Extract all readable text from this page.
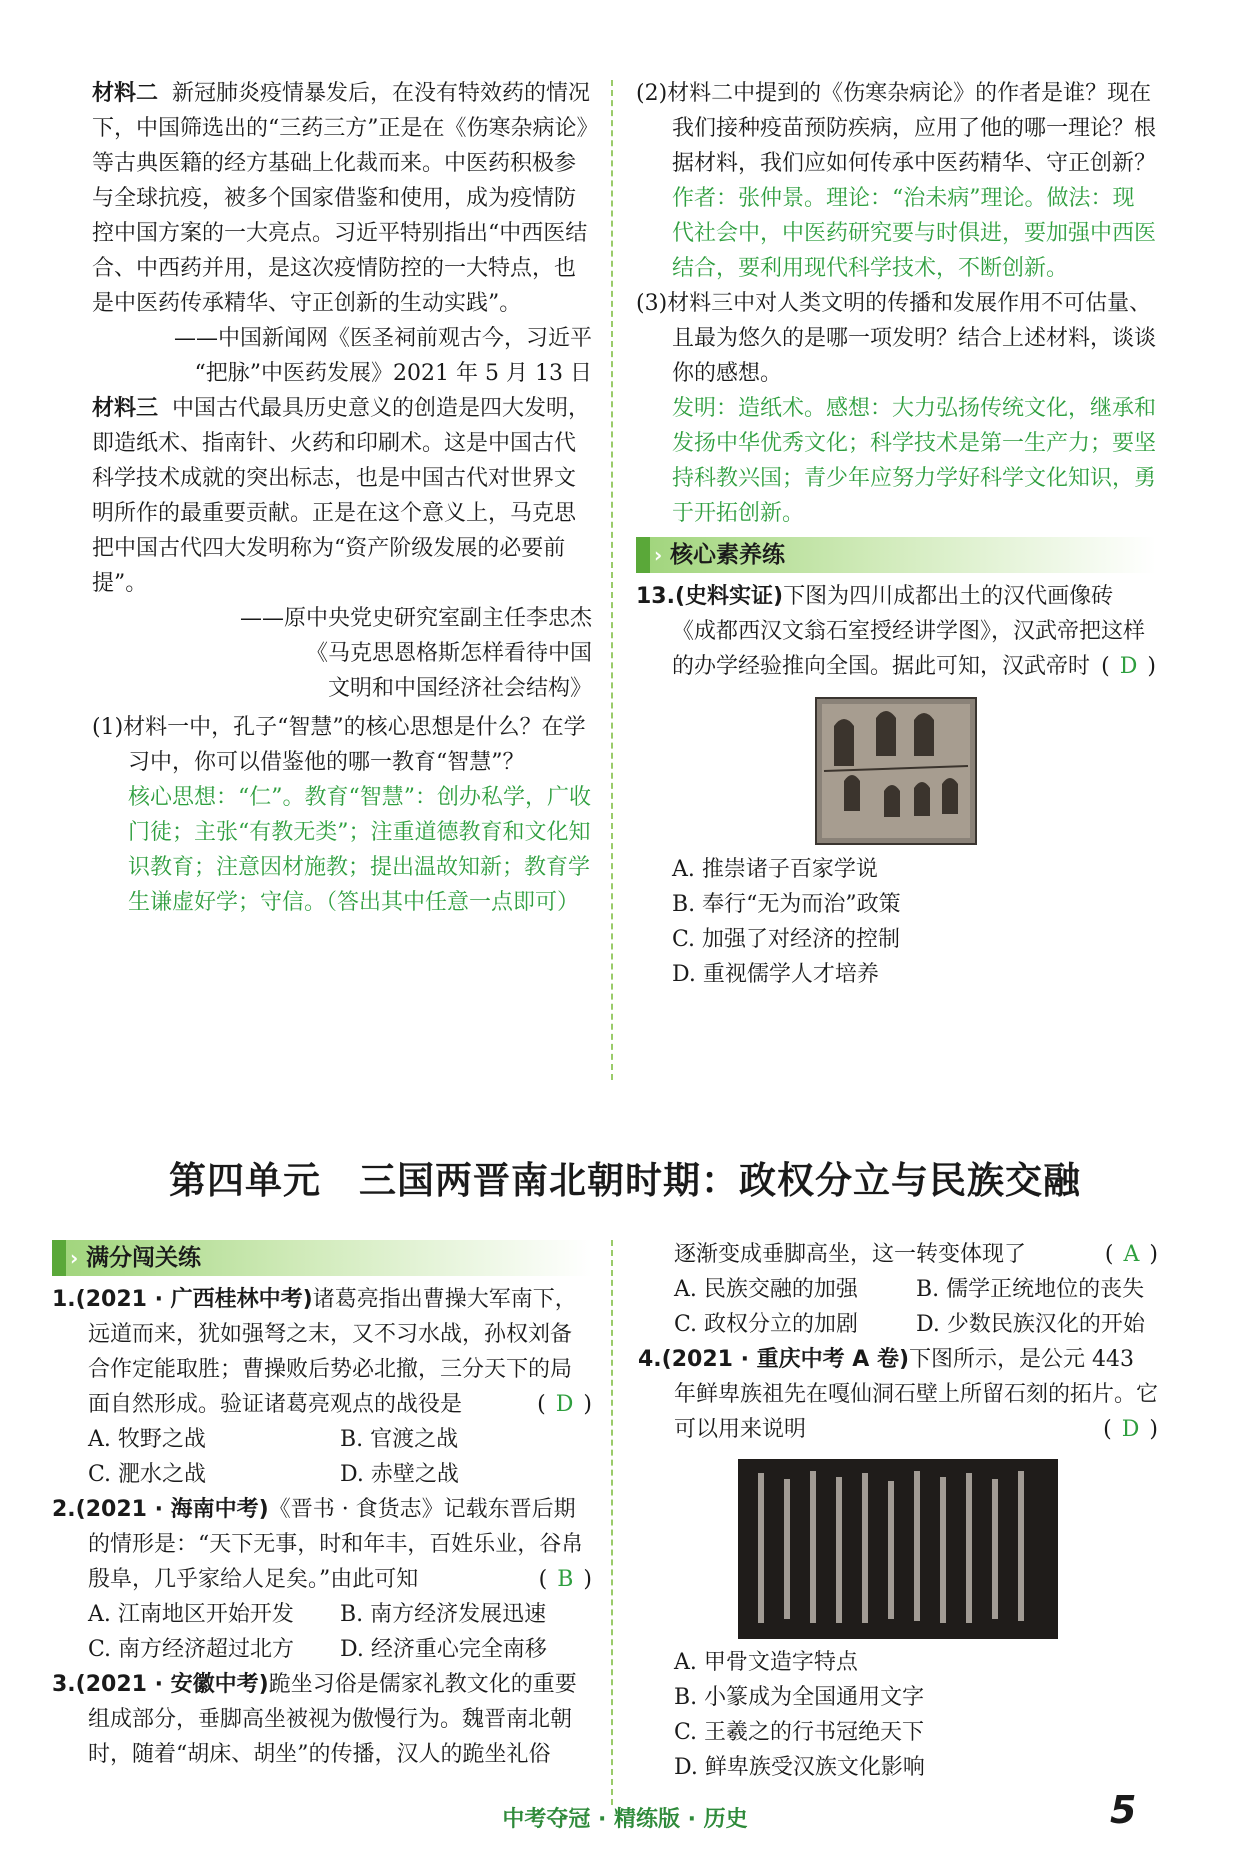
材料二 新冠肺炎疫情暴发后，在没有特效药的情况下，中国筛选出的“三药三方”正是在《伤寒杂病论》等古典医籍的经方基础上化裁而来。中医药积极参与全球抗疫，被多个国家借鉴和使用，成为疫情防控中国方案的一大亮点。习近平特别指出“中西医结合、中西药并用，是这次疫情防控的一大特点，也是中医药传承精华、守正创新的生动实践”。

——中国新闻网《医圣祠前观古今，习近平

“把脉”中医药发展》2021 年 5 月 13 日

材料三 中国古代最具历史意义的创造是四大发明，即造纸术、指南针、火药和印刷术。这是中国古代科学技术成就的突出标志，也是中国古代对世界文明所作的最重要贡献。正是在这个意义上，马克思把中国古代四大发明称为“资产阶级发展的必要前提”。

——原中央党史研究室副主任李忠杰

《马克思恩格斯怎样看待中国

文明和中国经济社会结构》

(1)材料一中，孔子“智慧”的核心思想是什么？在学习中，你可以借鉴他的哪一教育“智慧”？

核心思想：“仁”。教育“智慧”：创办私学，广收门徒；主张“有教无类”；注重道德教育和文化知识教育；注意因材施教；提出温故知新；教育学生谦虚好学；守信。（答出其中任意一点即可）

(2)材料二中提到的《伤寒杂病论》的作者是谁？现在我们接种疫苗预防疾病，应用了他的哪一理论？根据材料，我们应如何传承中医药精华、守正创新？

作者：张仲景。理论：“治未病”理论。做法：现代社会中，中医药研究要与时俱进，要加强中西医结合，要利用现代科学技术，不断创新。

(3)材料三中对人类文明的传播和发展作用不可估量、且最为悠久的是哪一项发明？结合上述材料，谈谈你的感想。

发明：造纸术。感想：大力弘扬传统文化，继承和发扬中华优秀文化；科学技术是第一生产力；要坚持科教兴国；青少年应努力学好科学文化知识，勇于开拓创新。

› 核心素养练

13.(史料实证)下图为四川成都出土的汉代画像砖《成都西汉文翁石室授经讲学图》，汉武帝把这样的办学经验推向全国。据此可知，汉武帝时 ( D )

A. 推崇诸子百家学说

B. 奉行“无为而治”政策

C. 加强了对经济的控制

D. 重视儒学人才培养

第四单元　三国两晋南北朝时期：政权分立与民族交融
› 满分闯关练

1.(2021 · 广西桂林中考)诸葛亮指出曹操大军南下，远道而来，犹如强弩之末，又不习水战，孙权刘备合作定能取胜；曹操败后势必北撤，三分天下的局面自然形成。验证诸葛亮观点的战役是	( D )

A. 牧野之战	B. 官渡之战

C. 淝水之战	D. 赤壁之战

2.(2021 · 海南中考)《晋书 · 食货志》记载东晋后期的情形是：“天下无事，时和年丰，百姓乐业，谷帛殷阜，几乎家给人足矣。”由此可知	( B )

A. 江南地区开始开发	B. 南方经济发展迅速

C. 南方经济超过北方	D. 经济重心完全南移

3.(2021 · 安徽中考)跪坐习俗是儒家礼教文化的重要组成部分，垂脚高坐被视为傲慢行为。魏晋南北朝时，随着“胡床、胡坐”的传播，汉人的跪坐礼俗

逐渐变成垂脚高坐，这一转变体现了	( A )

A. 民族交融的加强	B. 儒学正统地位的丧失

C. 政权分立的加剧	D. 少数民族汉化的开始

4.(2021 · 重庆中考 A 卷)下图所示，是公元 443 年鲜卑族祖先在嘎仙洞石壁上所留石刻的拓片。它可以用来说明	( D )

A. 甲骨文造字特点

B. 小篆成为全国通用文字

C. 王羲之的行书冠绝天下

D. 鲜卑族受汉族文化影响

中考夺冠 · 精练版 · 历史	5
